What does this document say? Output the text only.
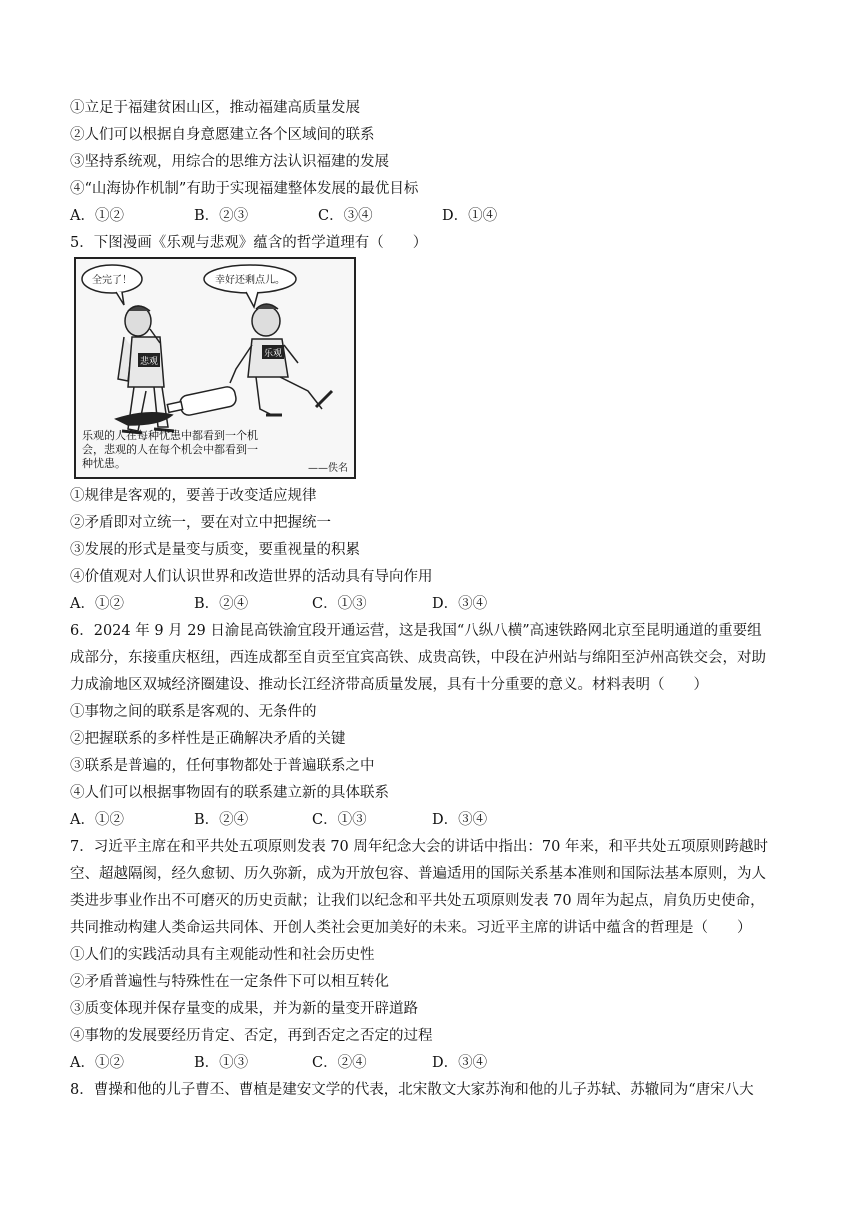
①立足于福建贫困山区，推动福建高质量发展
②人们可以根据自身意愿建立各个区域间的联系
③坚持系统观，用综合的思维方法认识福建的发展
④“山海协作机制”有助于实现福建整体发展的最优目标
A．①②	B．②③	C．③④	D．①④
5．下图漫画《乐观与悲观》蕴含的哲学道理有（　　）
全完了！	幸好还剩点儿。
悲观
乐观
乐观的人在每种忧患中都看到一个机
会，悲观的人在每个机会中都看到一
种忧患。	——佚名
①规律是客观的，要善于改变适应规律
②矛盾即对立统一，要在对立中把握统一
③发展的形式是量变与质变，要重视量的积累
④价值观对人们认识世界和改造世界的活动具有导向作用
A．①②	B．②④	C．①③	D．③④
6．2024 年 9 月 29 日渝昆高铁渝宜段开通运营，这是我国“八纵八横”高速铁路网北京至昆明通道的重要组
成部分，东接重庆枢纽，西连成都至自贡至宜宾高铁、成贵高铁，中段在泸州站与绵阳至泸州高铁交会，对助
力成渝地区双城经济圈建设、推动长江经济带高质量发展，具有十分重要的意义。材料表明（　　）
①事物之间的联系是客观的、无条件的
②把握联系的多样性是正确解决矛盾的关键
③联系是普遍的，任何事物都处于普遍联系之中
④人们可以根据事物固有的联系建立新的具体联系
A．①②	B．②④	C．①③	D．③④
7．习近平主席在和平共处五项原则发表 70 周年纪念大会的讲话中指出：70 年来，和平共处五项原则跨越时
空、超越隔阂，经久愈韧、历久弥新，成为开放包容、普遍适用的国际关系基本准则和国际法基本原则，为人
类进步事业作出不可磨灭的历史贡献；让我们以纪念和平共处五项原则发表 70 周年为起点，肩负历史使命，
共同推动构建人类命运共同体、开创人类社会更加美好的未来。习近平主席的讲话中蕴含的哲理是（　　）
①人们的实践活动具有主观能动性和社会历史性
②矛盾普遍性与特殊性在一定条件下可以相互转化
③质变体现并保存量变的成果，并为新的量变开辟道路
④事物的发展要经历肯定、否定，再到否定之否定的过程
A．①②	B．①③	C．②④	D．③④
8．曹操和他的儿子曹丕、曹植是建安文学的代表，北宋散文大家苏洵和他的儿子苏轼、苏辙同为“唐宋八大
